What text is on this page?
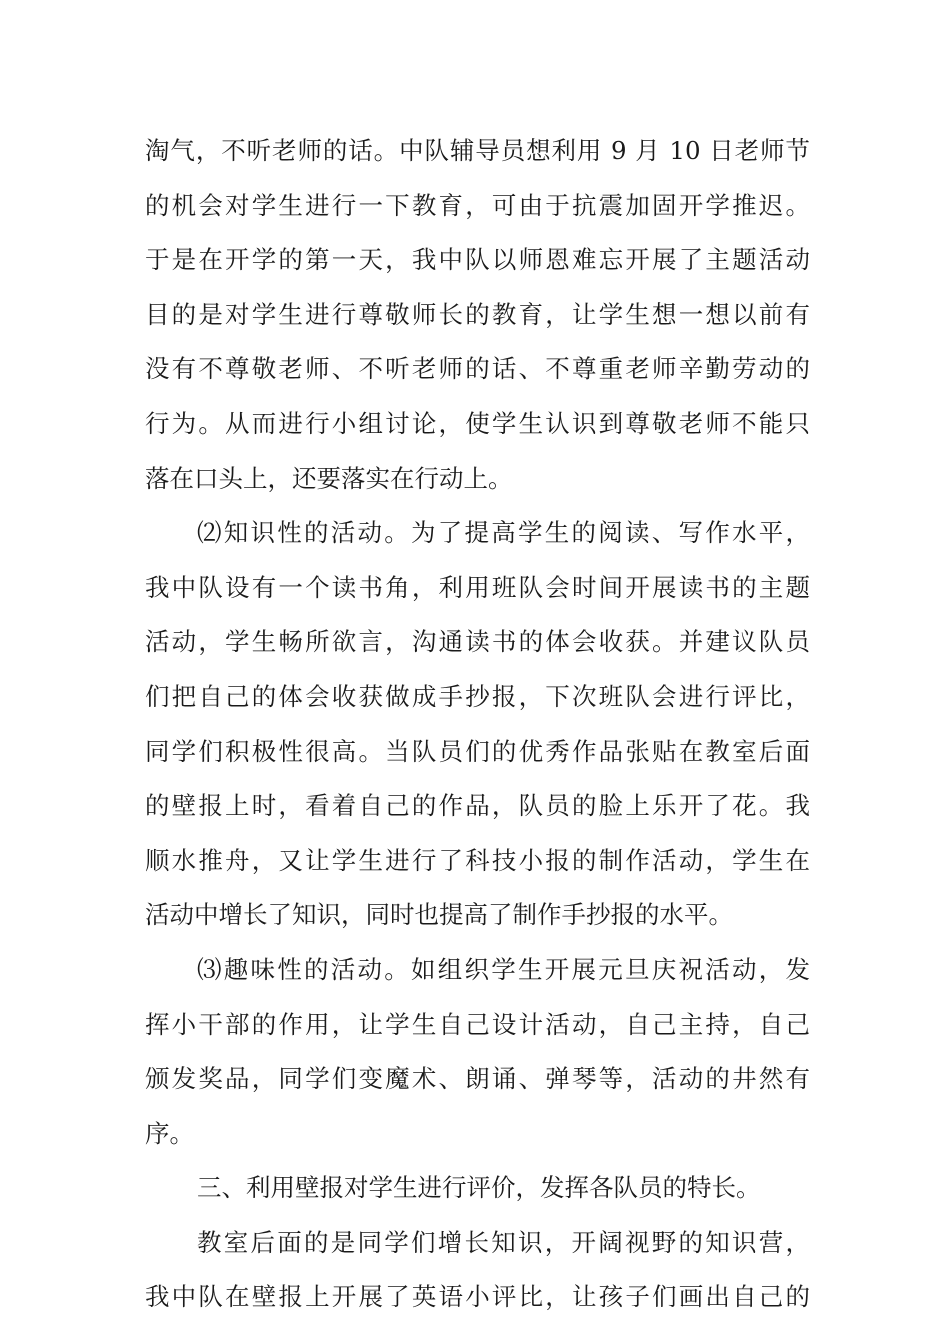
淘气，不听老师的话。中队辅导员想利用 9 月 10 日老师节
的机会对学生进行一下教育，可由于抗震加固开学推迟。
于是在开学的第一天，我中队以师恩难忘开展了主题活动
目的是对学生进行尊敬师长的教育，让学生想一想以前有
没有不尊敬老师、不听老师的话、不尊重老师辛勤劳动的
行为。从而进行小组讨论，使学生认识到尊敬老师不能只
落在口头上，还要落实在行动上。
⑵知识性的活动。为了提高学生的阅读、写作水平，
我中队设有一个读书角，利用班队会时间开展读书的主题
活动，学生畅所欲言，沟通读书的体会收获。并建议队员
们把自己的体会收获做成手抄报，下次班队会进行评比，
同学们积极性很高。当队员们的优秀作品张贴在教室后面
的壁报上时，看着自己的作品，队员的脸上乐开了花。我
顺水推舟，又让学生进行了科技小报的制作活动，学生在
活动中增长了知识，同时也提高了制作手抄报的水平。
⑶趣味性的活动。如组织学生开展元旦庆祝活动，发
挥小干部的作用，让学生自己设计活动，自己主持，自己
颁发奖品，同学们变魔术、朗诵、弹琴等，活动的井然有
序。
三、利用壁报对学生进行评价，发挥各队员的特长。
教室后面的是同学们增长知识，开阔视野的知识营，
我中队在壁报上开展了英语小评比，让孩子们画出自己的
